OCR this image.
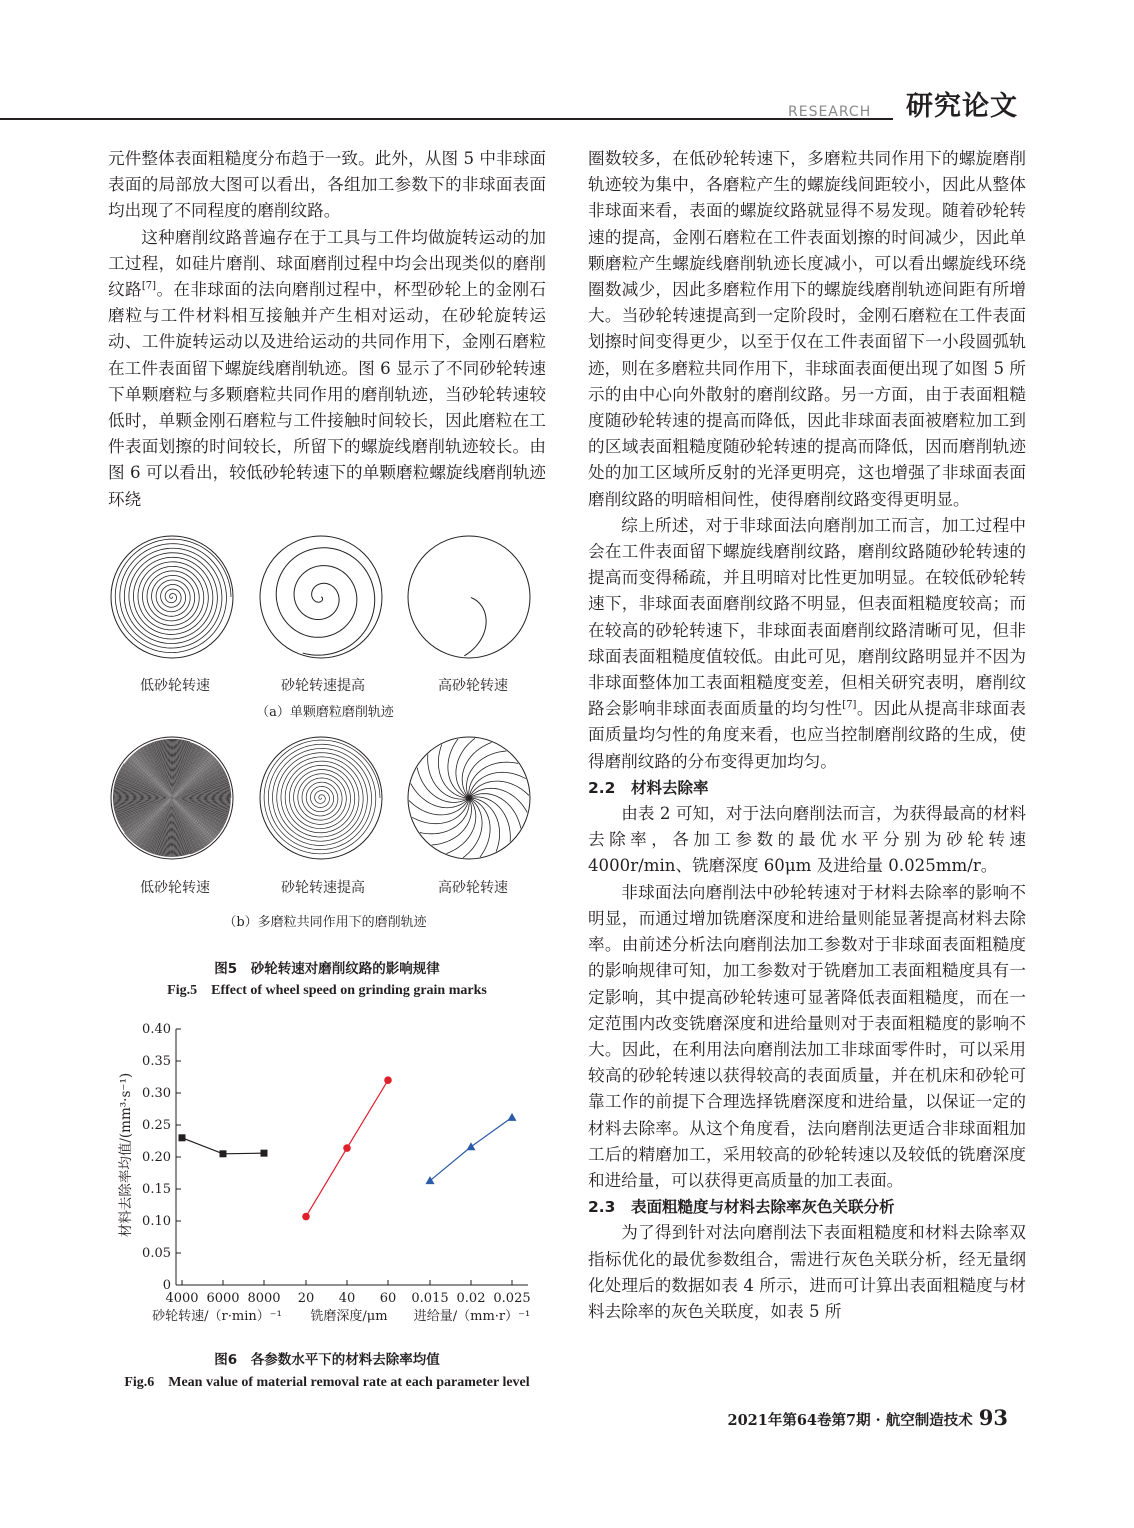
RESEARCH 研究论文

元件整体表面粗糙度分布趋于一致。此外，从图 5 中非球面表面的局部放大图可以看出，各组加工参数下的非球面表面均出现了不同程度的磨削纹路。

这种磨削纹路普遍存在于工具与工件均做旋转运动的加工过程，如硅片磨削、球面磨削过程中均会出现类似的磨削纹路[7]。在非球面的法向磨削过程中，杯型砂轮上的金刚石磨粒与工件材料相互接触并产生相对运动，在砂轮旋转运动、工件旋转运动以及进给运动的共同作用下，金刚石磨粒在工件表面留下螺旋线磨削轨迹。图 6 显示了不同砂轮转速下单颗磨粒与多颗磨粒共同作用的磨削轨迹，当砂轮转速较低时，单颗金刚石磨粒与工件接触时间较长，因此磨粒在工件表面划擦的时间较长，所留下的螺旋线磨削轨迹较长。由图 6 可以看出，较低砂轮转速下的单颗磨粒螺旋线磨削轨迹环绕

低砂轮转速	砂轮转速提高	高砂轮转速
（a）单颗磨粒磨削轨迹
低砂轮转速	砂轮转速提高	高砂轮转速
（b）多磨粒共同作用下的磨削轨迹
图5　砂轮转速对磨削纹路的影响规律
Fig.5　Effect of wheel speed on grinding grain marks
0
0.05
0.10
0.15
0.20
0.25
0.30
0.35
0.40
4000 6000 8000 20 40 60 0.015 0.02 0.025
材料去除率均值/(mm³·s⁻¹)
砂轮转速/（r·min）⁻¹ 铣磨深度/μm 进给量/（mm·r）⁻¹
图6　各参数水平下的材料去除率均值
Fig.6　Mean value of material removal rate at each parameter level

圈数较多，在低砂轮转速下，多磨粒共同作用下的螺旋磨削轨迹较为集中，各磨粒产生的螺旋线间距较小，因此从整体非球面来看，表面的螺旋纹路就显得不易发现。随着砂轮转速的提高，金刚石磨粒在工件表面划擦的时间减少，因此单颗磨粒产生螺旋线磨削轨迹长度减小，可以看出螺旋线环绕圈数减少，因此多磨粒作用下的螺旋线磨削轨迹间距有所增大。当砂轮转速提高到一定阶段时，金刚石磨粒在工件表面划擦时间变得更少，以至于仅在工件表面留下一小段圆弧轨迹，则在多磨粒共同作用下，非球面表面便出现了如图 5 所示的由中心向外散射的磨削纹路。另一方面，由于表面粗糙度随砂轮转速的提高而降低，因此非球面表面被磨粒加工到的区域表面粗糙度随砂轮转速的提高而降低，因而磨削轨迹处的加工区域所反射的光泽更明亮，这也增强了非球面表面磨削纹路的明暗相间性，使得磨削纹路变得更明显。

综上所述，对于非球面法向磨削加工而言，加工过程中会在工件表面留下螺旋线磨削纹路，磨削纹路随砂轮转速的提高而变得稀疏，并且明暗对比性更加明显。在较低砂轮转速下，非球面表面磨削纹路不明显，但表面粗糙度较高；而在较高的砂轮转速下，非球面表面磨削纹路清晰可见，但非球面表面粗糙度值较低。由此可见，磨削纹路明显并不因为非球面整体加工表面粗糙度变差，但相关研究表明，磨削纹路会影响非球面表面质量的均匀性[7]。因此从提高非球面表面质量均匀性的角度来看，也应当控制磨削纹路的生成，使得磨削纹路的分布变得更加均匀。

2.2　材料去除率

由表 2 可知，对于法向磨削法而言，为获得最高的材料去除率，各加工参数的最优水平分别为砂轮转速 4000r/min、铣磨深度 60μm 及进给量 0.025mm/r。

非球面法向磨削法中砂轮转速对于材料去除率的影响不明显，而通过增加铣磨深度和进给量则能显著提高材料去除率。由前述分析法向磨削法加工参数对于非球面表面粗糙度的影响规律可知，加工参数对于铣磨加工表面粗糙度具有一定影响，其中提高砂轮转速可显著降低表面粗糙度，而在一定范围内改变铣磨深度和进给量则对于表面粗糙度的影响不大。因此，在利用法向磨削法加工非球面零件时，可以采用较高的砂轮转速以获得较高的表面质量，并在机床和砂轮可靠工作的前提下合理选择铣磨深度和进给量，以保证一定的材料去除率。从这个角度看，法向磨削法更适合非球面粗加工后的精磨加工，采用较高的砂轮转速以及较低的铣磨深度和进给量，可以获得更高质量的加工表面。

2.3　表面粗糙度与材料去除率灰色关联分析

为了得到针对法向磨削法下表面粗糙度和材料去除率双指标优化的最优参数组合，需进行灰色关联分析，经无量纲化处理后的数据如表 4 所示，进而可计算出表面粗糙度与材料去除率的灰色关联度，如表 5 所

2021年第64卷第7期 · 航空制造技术 93
